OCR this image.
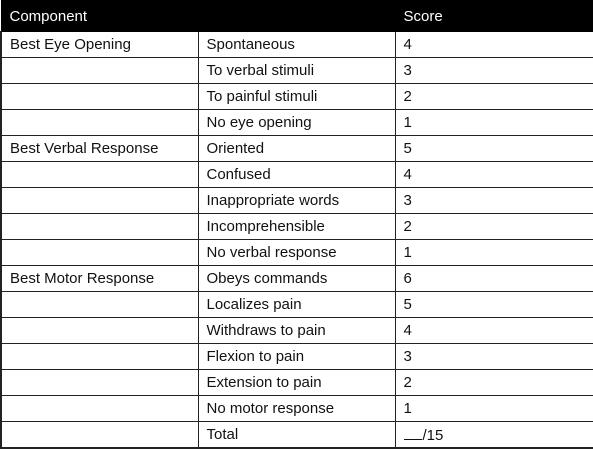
Component		Score
Best Eye Opening	Spontaneous	4
	To verbal stimuli	3
	To painful stimuli	2
	No eye opening	1
Best Verbal Response	Oriented	5
	Confused	4
	Inappropriate words	3
	Incomprehensible	2
	No verbal response	1
Best Motor Response	Obeys commands	6
	Localizes pain	5
	Withdraws to pain	4
	Flexion to pain	3
	Extension to pain	2
	No motor response	1
	Total	/15
